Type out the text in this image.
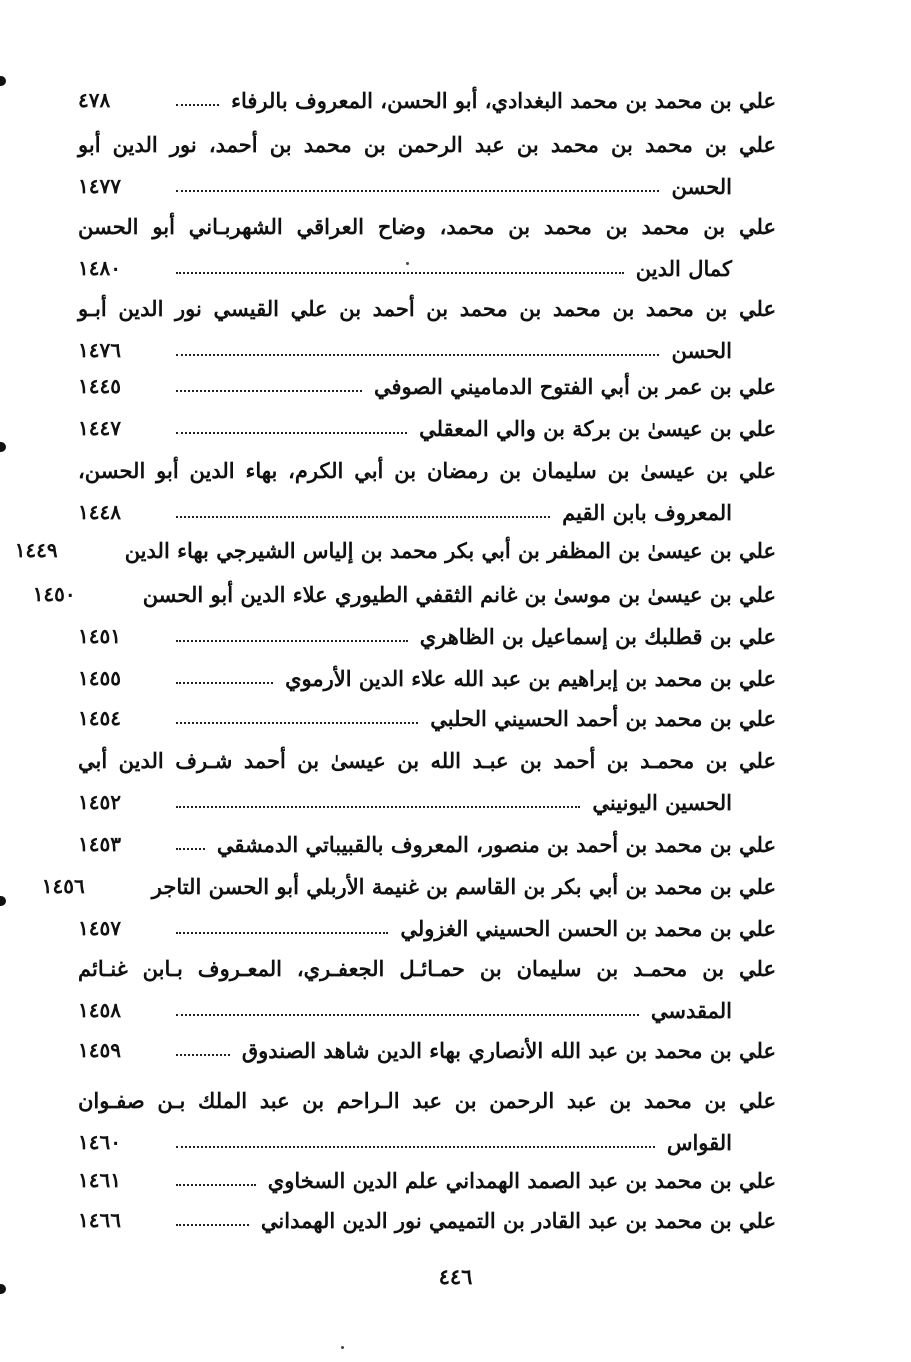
علي بن محمد بن محمد البغدادي، أبو الحسن، المعروف بالرفاء
٤٧٨
علي بن محمد بن محمد بن عبد الرحمن بن محمد بن أحمد، نور الدين أبو
الحسن
١٤٧٧
علي بن محمد بن محمد بن محمد، وضاح العراقي الشهربـاني أبو الحسن
كمال الدين
١٤٨٠
علي بن محمد بن محمد بن محمد بن أحمد بن علي القيسي نور الدين أبـو
الحسن
١٤٧٦
علي بن عمر بن أبي الفتوح الدماميني الصوفي
١٤٤٥
علي بن عيسىٰ بن بركة بن والي المعقلي
١٤٤٧
علي بن عيسىٰ بن سليمان بن رمضان بن أبي الكرم، بهاء الدين أبو الحسن،
المعروف بابن القيم
١٤٤٨
علي بن عيسىٰ بن المظفر بن أبي بكر محمد بن إلياس الشيرجي بهاء الدين
١٤٤٩
علي بن عيسىٰ بن موسىٰ بن غانم الثقفي الطيوري علاء الدين أبو الحسن
١٤٥٠
علي بن قطلبك بن إسماعيل بن الظاهري
١٤٥١
علي بن محمد بن إبراهيم بن عبد الله علاء الدين الأرموي
١٤٥٥
علي بن محمد بن أحمد الحسيني الحلبي
١٤٥٤
علي بن محمـد بن أحمد بن عبـد الله بن عيسىٰ بن أحمد شـرف الدين أبي
الحسين اليونيني
١٤٥٢
علي بن محمد بن أحمد بن منصور، المعروف بالقبيباتي الدمشقي
١٤٥٣
علي بن محمد بن أبي بكر بن القاسم بن غنيمة الأربلي أبو الحسن التاجر
١٤٥٦
علي بن محمد بن الحسن الحسيني الغزولي
١٤٥٧
علي بن محمـد بن سليمان بن حمـائـل الجعفـري، المعـروف بـابن غنـائم
المقدسي
١٤٥٨
علي بن محمد بن عبد الله الأنصاري بهاء الدين شاهد الصندوق
١٤٥٩
علي بن محمد بن عبد الرحمن بن عبد الـراحم بن عبد الملك بـن صفـوان
القواس
١٤٦٠
علي بن محمد بن عبد الصمد الهمداني علم الدين السخاوي
١٤٦١
علي بن محمد بن عبد القادر بن التميمي نور الدين الهمداني
١٤٦٦
٤٤٦
